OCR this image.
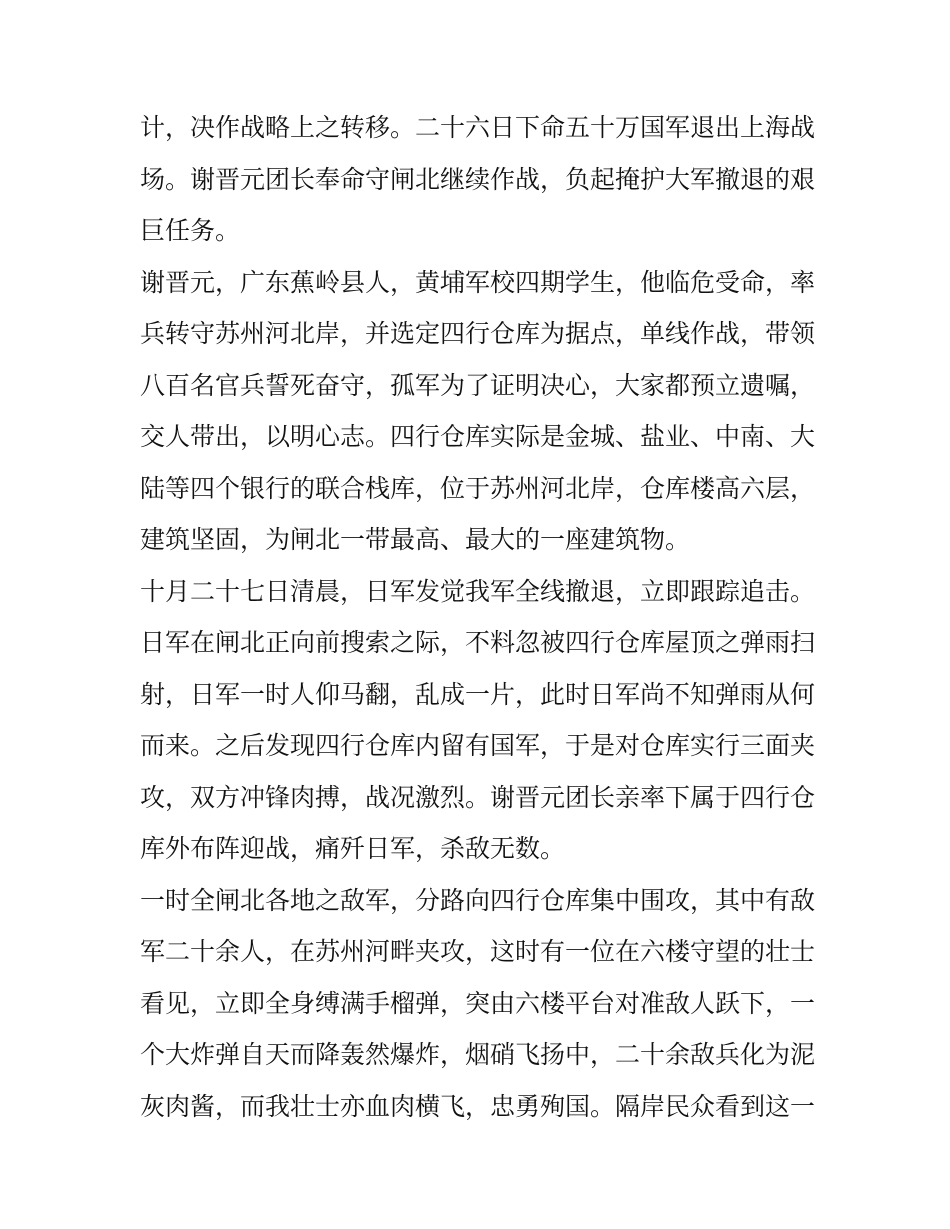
计，决作战略上之转移。二十六日下命五十万国军退出上海战
场。谢晋元团长奉命守闸北继续作战，负起掩护大军撤退的艰
巨任务。
谢晋元，广东蕉岭县人，黄埔军校四期学生，他临危受命，率
兵转守苏州河北岸，并选定四行仓库为据点，单线作战，带领
八百名官兵誓死奋守，孤军为了证明决心，大家都预立遗嘱，
交人带出，以明心志。四行仓库实际是金城、盐业、中南、大
陆等四个银行的联合栈库，位于苏州河北岸，仓库楼高六层，
建筑坚固，为闸北一带最高、最大的一座建筑物。
十月二十七日清晨，日军发觉我军全线撤退，立即跟踪追击。
日军在闸北正向前搜索之际，不料忽被四行仓库屋顶之弹雨扫
射，日军一时人仰马翻，乱成一片，此时日军尚不知弹雨从何
而来。之后发现四行仓库内留有国军，于是对仓库实行三面夹
攻，双方冲锋肉搏，战况激烈。谢晋元团长亲率下属于四行仓
库外布阵迎战，痛歼日军，杀敌无数。
一时全闸北各地之敌军，分路向四行仓库集中围攻，其中有敌
军二十余人，在苏州河畔夹攻，这时有一位在六楼守望的壮士
看见，立即全身缚满手榴弹，突由六楼平台对准敌人跃下，一
个大炸弹自天而降轰然爆炸，烟硝飞扬中，二十余敌兵化为泥
灰肉酱，而我壮士亦血肉横飞，忠勇殉国。隔岸民众看到这一
